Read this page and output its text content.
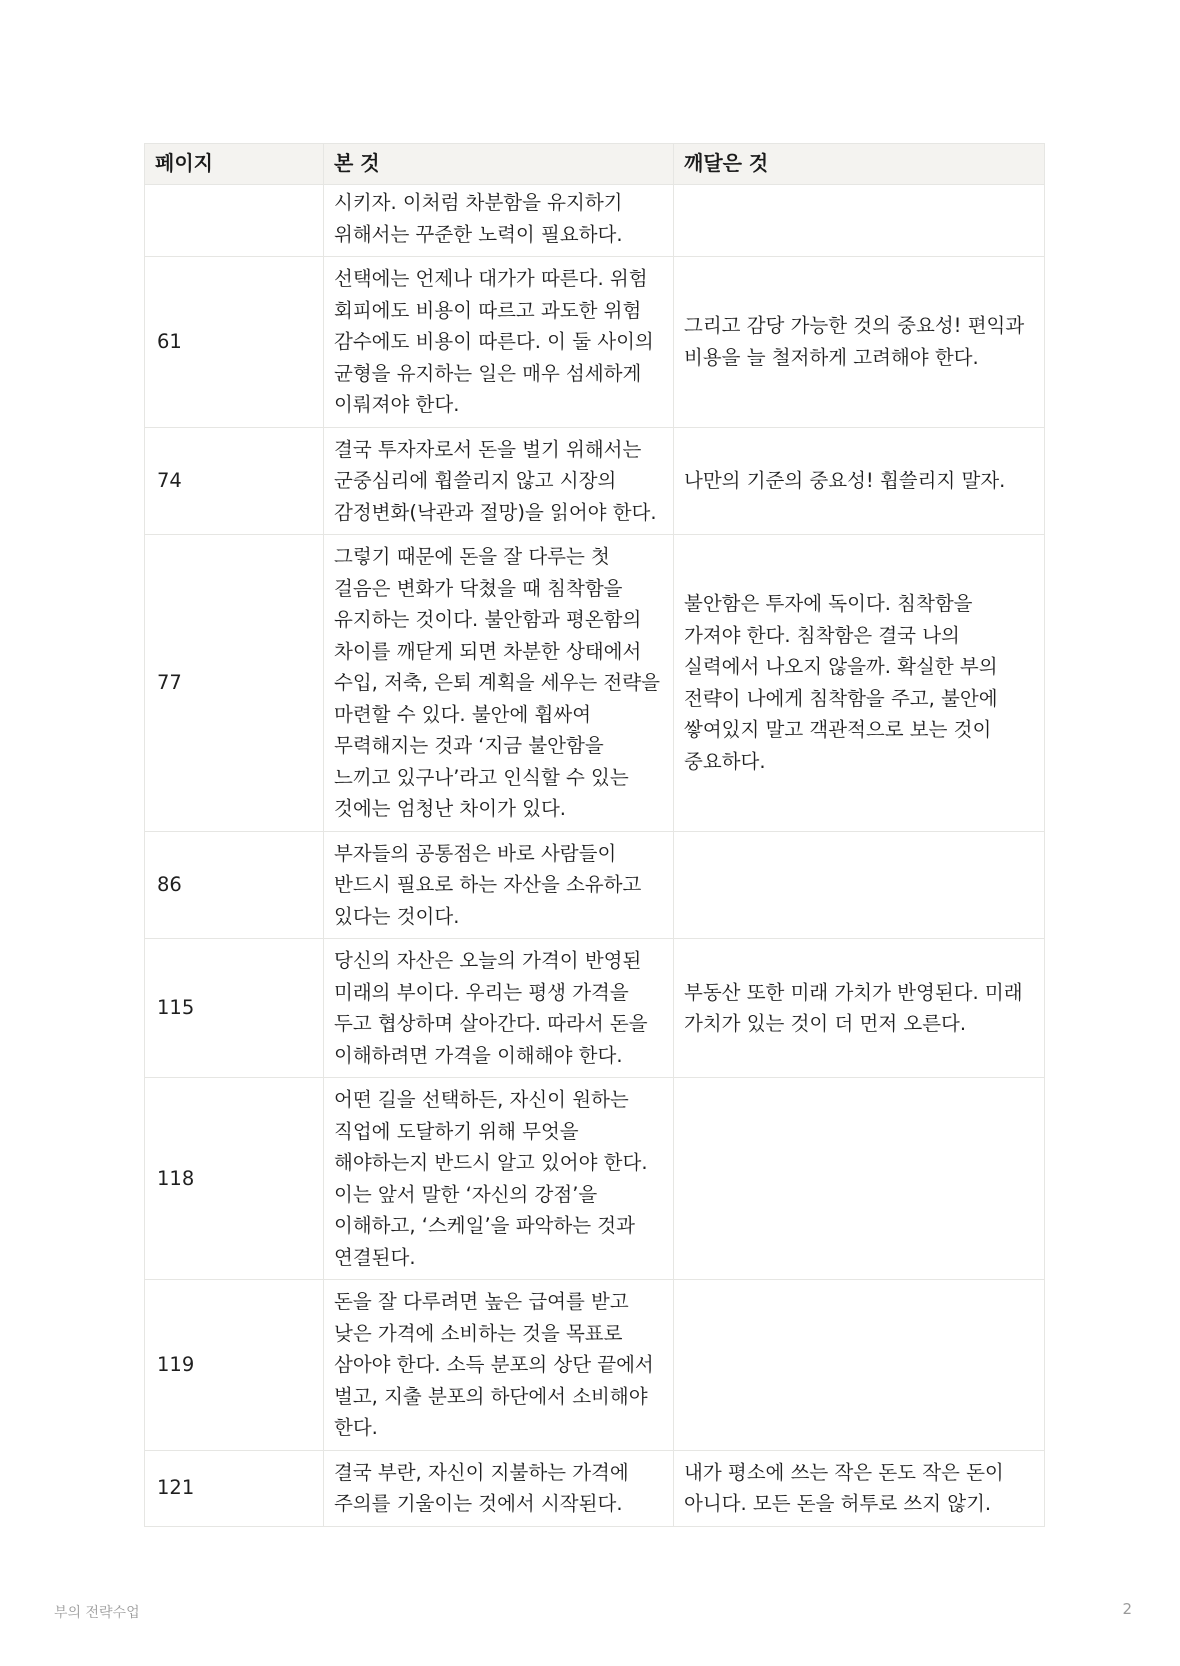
페이지	본 것	깨달은 것
	시키자. 이처럼 차분함을 유지하기 위해서는 꾸준한 노력이 필요하다.	
61	선택에는 언제나 대가가 따른다. 위험 회피에도 비용이 따르고 과도한 위험 감수에도 비용이 따른다. 이 둘 사이의 균형을 유지하는 일은 매우 섬세하게 이뤄져야 한다.	그리고 감당 가능한 것의 중요성! 편익과 비용을 늘 철저하게 고려해야 한다.
74	결국 투자자로서 돈을 벌기 위해서는 군중심리에 휩쓸리지 않고 시장의 감정변화(낙관과 절망)을 읽어야 한다.	나만의 기준의 중요성! 휩쓸리지 말자.
77	그렇기 때문에 돈을 잘 다루는 첫 걸음은 변화가 닥쳤을 때 침착함을 유지하는 것이다. 불안함과 평온함의 차이를 깨닫게 되면 차분한 상태에서 수입, 저축, 은퇴 계획을 세우는 전략을 마련할 수 있다. 불안에 휩싸여 무력해지는 것과 ‘지금 불안함을 느끼고 있구나’라고 인식할 수 있는 것에는 엄청난 차이가 있다.	불안함은 투자에 독이다. 침착함을 가져야 한다. 침착함은 결국 나의 실력에서 나오지 않을까. 확실한 부의 전략이 나에게 침착함을 주고, 불안에 쌓여있지 말고 객관적으로 보는 것이 중요하다.
86	부자들의 공통점은 바로 사람들이 반드시 필요로 하는 자산을 소유하고 있다는 것이다.	
115	당신의 자산은 오늘의 가격이 반영된 미래의 부이다. 우리는 평생 가격을 두고 협상하며 살아간다. 따라서 돈을 이해하려면 가격을 이해해야 한다.	부동산 또한 미래 가치가 반영된다. 미래 가치가 있는 것이 더 먼저 오른다.
118	어떤 길을 선택하든, 자신이 원하는 직업에 도달하기 위해 무엇을 해야하는지 반드시 알고 있어야 한다. 이는 앞서 말한 ‘자신의 강점’을 이해하고, ‘스케일’을 파악하는 것과 연결된다.	
119	돈을 잘 다루려면 높은 급여를 받고 낮은 가격에 소비하는 것을 목표로 삼아야 한다. 소득 분포의 상단 끝에서 벌고, 지출 분포의 하단에서 소비해야 한다.	
121	결국 부란, 자신이 지불하는 가격에 주의를 기울이는 것에서 시작된다.	내가 평소에 쓰는 작은 돈도 작은 돈이 아니다. 모든 돈을 허투로 쓰지 않기.
부의 전략수업	2
